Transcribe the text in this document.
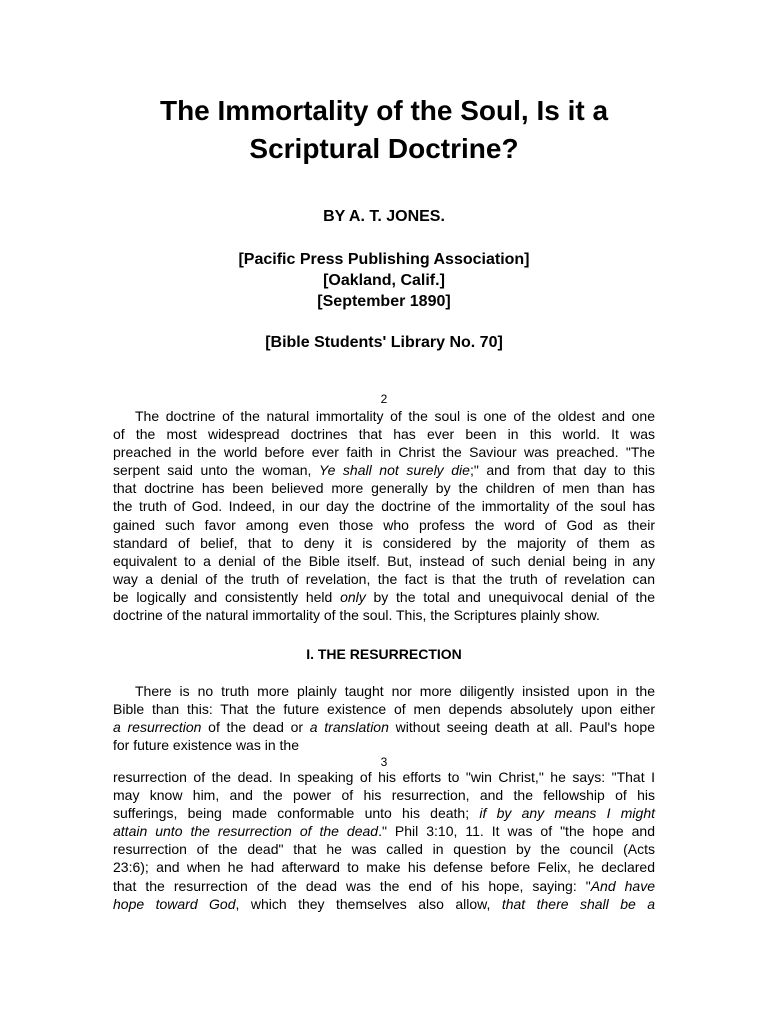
The Immortality of the Soul, Is it a
Scriptural Doctrine?
BY A. T. JONES.
[Pacific Press Publishing Association]
[Oakland, Calif.]
[September 1890]
[Bible Students' Library No. 70]
2
The doctrine of the natural immortality of the soul is one of the oldest and one
of the most widespread doctrines that has ever been in this world. It was
preached in the world before ever faith in Christ the Saviour was preached. "The
serpent said unto the woman, Ye shall not surely die;" and from that day to this
that doctrine has been believed more generally by the children of men than has
the truth of God. Indeed, in our day the doctrine of the immortality of the soul has
gained such favor among even those who profess the word of God as their
standard of belief, that to deny it is considered by the majority of them as
equivalent to a denial of the Bible itself. But, instead of such denial being in any
way a denial of the truth of revelation, the fact is that the truth of revelation can
be logically and consistently held only by the total and unequivocal denial of the
doctrine of the natural immortality of the soul. This, the Scriptures plainly show.
I. THE RESURRECTION
There is no truth more plainly taught nor more diligently insisted upon in the
Bible than this: That the future existence of men depends absolutely upon either
a resurrection of the dead or a translation without seeing death at all. Paul's hope
for future existence was in the
3
resurrection of the dead. In speaking of his efforts to "win Christ," he says: "That I
may know him, and the power of his resurrection, and the fellowship of his
sufferings, being made conformable unto his death; if by any means I might
attain unto the resurrection of the dead." Phil 3:10, 11. It was of "the hope and
resurrection of the dead" that he was called in question by the council (Acts
23:6); and when he had afterward to make his defense before Felix, he declared
that the resurrection of the dead was the end of his hope, saying: "And have
hope toward God, which they themselves also allow, that there shall be a
